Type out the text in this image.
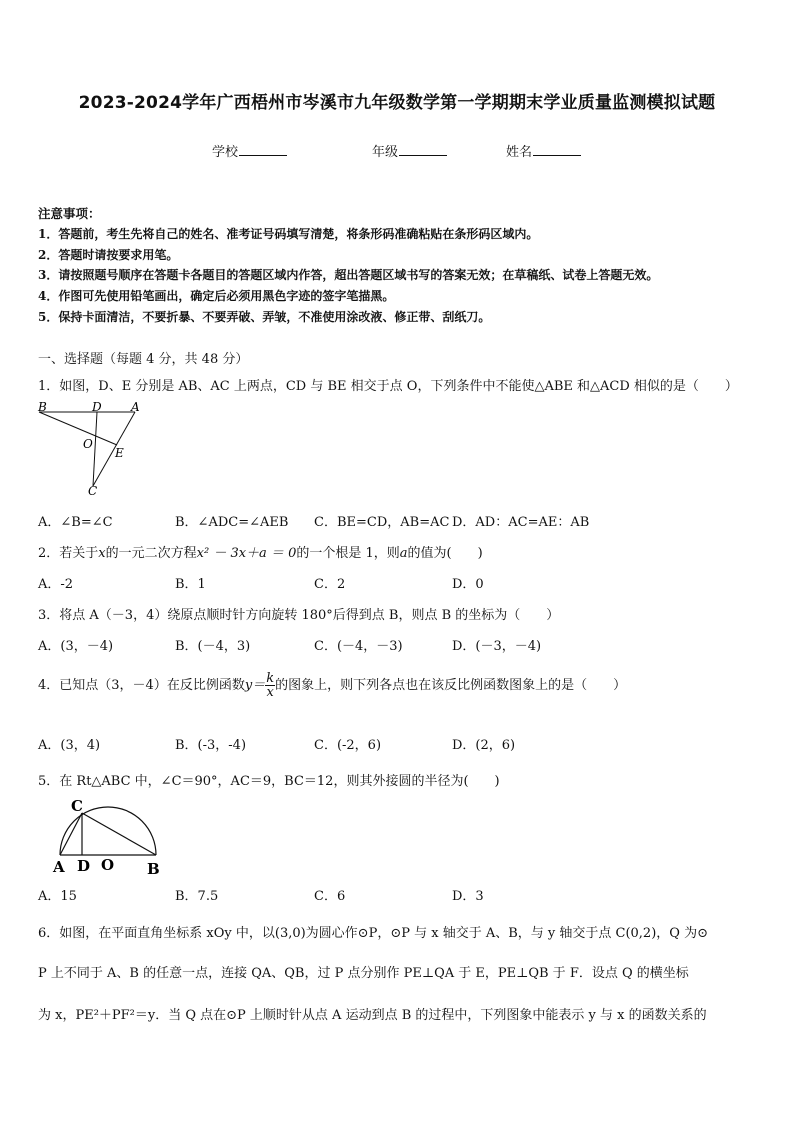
2023-2024学年广西梧州市岑溪市九年级数学第一学期期末学业质量监测模拟试题
学校	年级	姓名
注意事项：
1．答题前，考生先将自己的姓名、准考证号码填写清楚，将条形码准确粘贴在条形码区域内。
2．答题时请按要求用笔。
3．请按照题号顺序在答题卡各题目的答题区域内作答，超出答题区域书写的答案无效；在草稿纸、试卷上答题无效。
4．作图可先使用铅笔画出，确定后必须用黑色字迹的签字笔描黑。
5．保持卡面清洁，不要折暴、不要弄破、弄皱，不准使用涂改液、修正带、刮纸刀。
一、选择题（每题 4 分，共 48 分）
1．如图，D、E 分别是 AB、AC 上两点，CD 与 BE 相交于点 O，下列条件中不能使△ABE 和△ACD 相似的是（　　）
B	D A
O
E
C
A．∠B=∠C	B．∠ADC=∠AEB C．BE=CD，AB=AC D．AD：AC=AE：AB
2．若关于x的一元二次方程x² － 3x＋a ＝ 0的一个根是 1，则a的值为(　　)
A．-2	B．1	C．2	D．0
3．将点 A（－3，4）绕原点顺时针方向旋转 180°后得到点 B，则点 B 的坐标为（　　）
A．(3，－4)	B．(－4，3)	C．(－4，－3)	D．(－3，－4)
4．已知点（3，－4）在反比例函数$y= \frac{k}{x}$ 的图象上，则下列各点也在该反比例函数图象上的是（　　）
A．(3，4)	B．(-3，-4)	C．(-2，6)	D．(2，6)
5．在 Rt△ABC 中，∠C＝90°，AC＝9，BC＝12，则其外接圆的半径为(　　)
C
A D O B
A．15	B．7.5	C．6	D．3
6．如图，在平面直角坐标系 xOy 中，以(3,0)为圆心作⊙P，⊙P 与 x 轴交于 A、B，与 y 轴交于点 C(0,2)，Q 为⊙
P 上不同于 A、B 的任意一点，连接 QA、QB，过 P 点分别作 PE⊥QA 于 E，PE⊥QB 于 F．设点 Q 的横坐标
为 x，PE²＋PF²＝y．当 Q 点在⊙P 上顺时针从点 A 运动到点 B 的过程中，下列图象中能表示 y 与 x 的函数关系的
